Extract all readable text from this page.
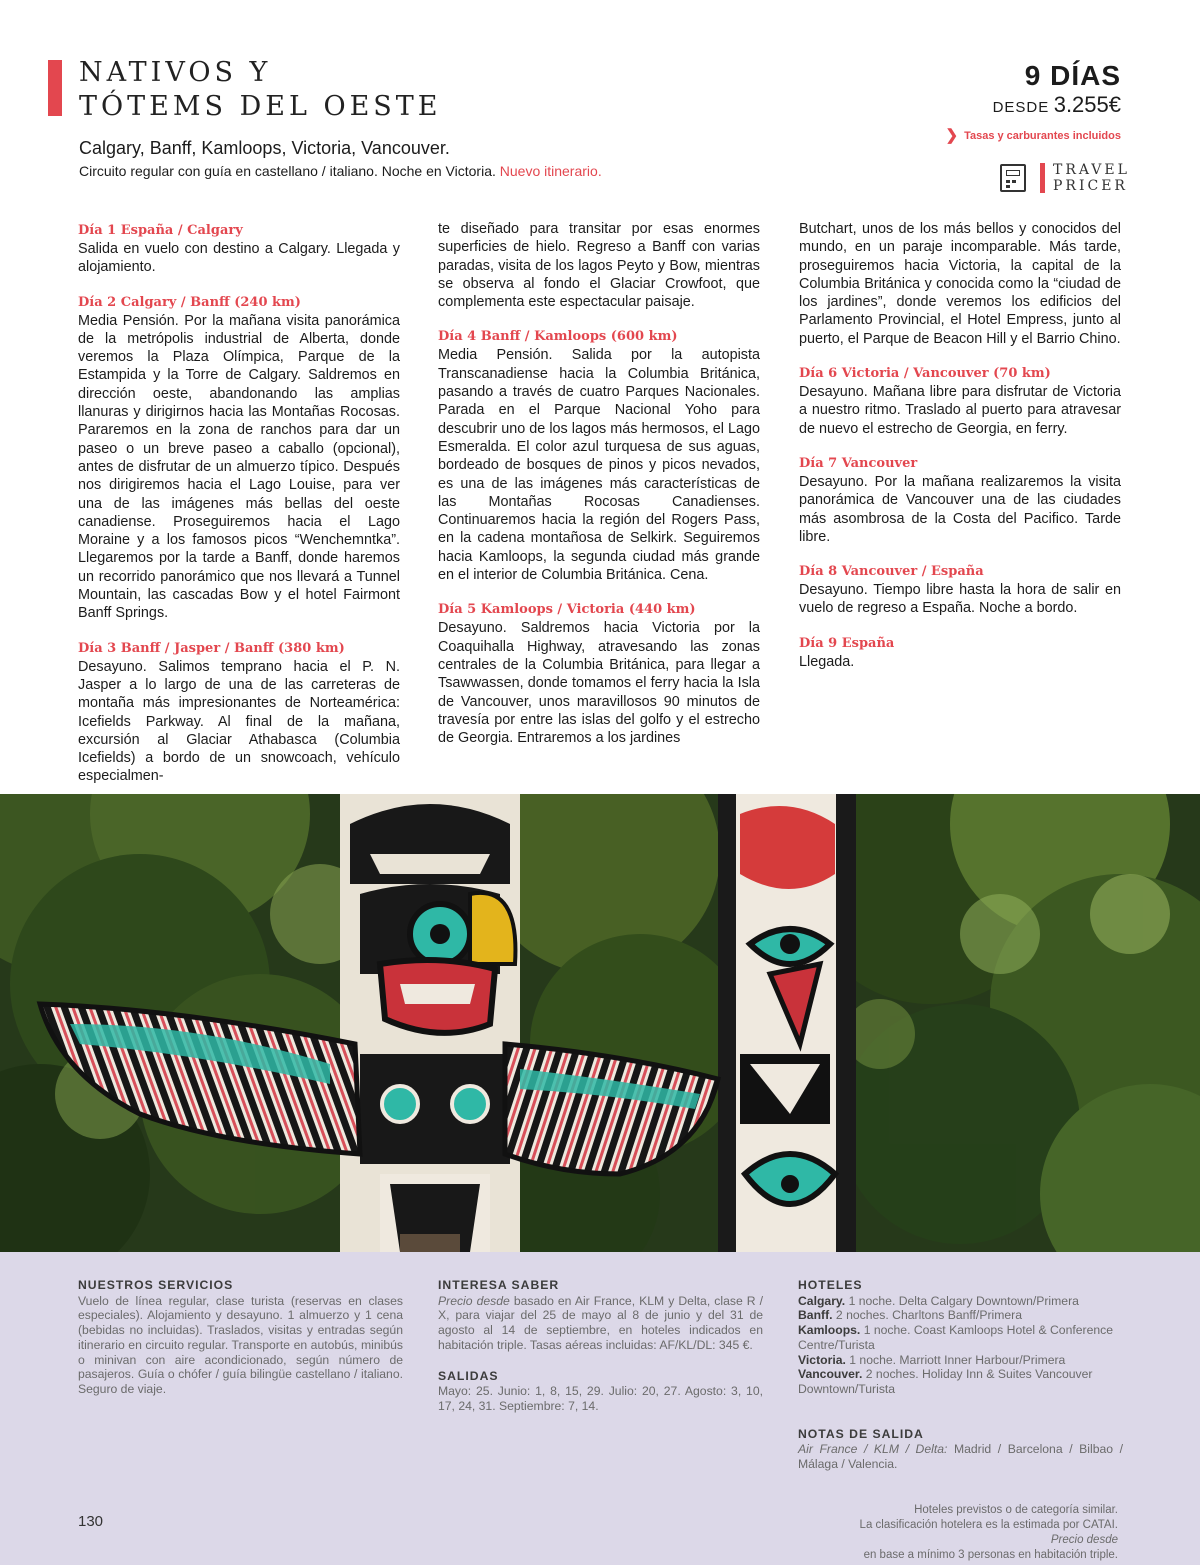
NATIVOS Y
TÓTEMS DEL OESTE
Calgary, Banff, Kamloops, Victoria, Vancouver.
Circuito regular con guía en castellano / italiano. Noche en Victoria. Nuevo itinerario.
9 DÍAS
DESDE 3.255€
❯ Tasas y carburantes incluidos
TRAVEL
PRICER
Día 1 España / Calgary

Salida en vuelo con destino a Calgary. Llegada y alojamiento.

Día 2 Calgary / Banff (240 km)

Media Pensión. Por la mañana visita panorámica de la metrópolis industrial de Alberta, donde veremos la Plaza Olímpica, Parque de la Estampida y la Torre de Calgary. Saldremos en dirección oeste, abandonando las amplias llanuras y dirigirnos hacia las Montañas Rocosas. Pararemos en la zona de ranchos para dar un paseo o un breve paseo a caballo (opcional), antes de disfrutar de un almuerzo típico. Después nos dirigiremos hacia el Lago Louise, para ver una de las imágenes más bellas del oeste canadiense. Proseguiremos hacia el Lago Moraine y a los famosos picos “Wenchemntka”. Llegaremos por la tarde a Banff, donde haremos un recorrido panorámico que nos llevará a Tunnel Mountain, las cascadas Bow y el hotel Fairmont Banff Springs.

Día 3 Banff / Jasper / Banff (380 km)

Desayuno. Salimos temprano hacia el P. N. Jasper a lo largo de una de las carreteras de montaña más impresionantes de Norteamérica: Icefields Parkway. Al final de la mañana, excursión al Glaciar Athabasca (Columbia Icefields) a bordo de un snowcoach, vehículo especialmen-

te diseñado para transitar por esas enormes superficies de hielo. Regreso a Banff con varias paradas, visita de los lagos Peyto y Bow, mientras se observa al fondo el Glaciar Crowfoot, que complementa este espectacular paisaje.

Día 4 Banff / Kamloops (600 km)

Media Pensión. Salida por la autopista Transcanadiense hacia la Columbia Británica, pasando a través de cuatro Parques Nacionales. Parada en el Parque Nacional Yoho para descubrir uno de los lagos más hermosos, el Lago Esmeralda. El color azul turquesa de sus aguas, bordeado de bosques de pinos y picos nevados, es una de las imágenes más características de las Montañas Rocosas Canadienses. Continuaremos hacia la región del Rogers Pass, en la cadena montañosa de Selkirk. Seguiremos hacia Kamloops, la segunda ciudad más grande en el interior de Columbia Británica. Cena.

Día 5 Kamloops / Victoria (440 km)

Desayuno. Saldremos hacia Victoria por la Coaquihalla Highway, atravesando las zonas centrales de la Columbia Británica, para llegar a Tsawwassen, donde tomamos el ferry hacia la Isla de Vancouver, unos maravillosos 90 minutos de travesía por entre las islas del golfo y el estrecho de Georgia. Entraremos a los jardines

Butchart, unos de los más bellos y conocidos del mundo, en un paraje incomparable. Más tarde, proseguiremos hacia Victoria, la capital de la Columbia Británica y conocida como la “ciudad de los jardines”, donde veremos los edificios del Parlamento Provincial, el Hotel Empress, junto al puerto, el Parque de Beacon Hill y el Barrio Chino.

Día 6 Victoria / Vancouver (70 km)

Desayuno. Mañana libre para disfrutar de Victoria a nuestro ritmo. Traslado al puerto para atravesar de nuevo el estrecho de Georgia, en ferry.

Día 7 Vancouver

Desayuno. Por la mañana realizaremos la visita panorámica de Vancouver una de las ciudades más asombrosa de la Costa del Pacifico. Tarde libre.

Día 8 Vancouver / España

Desayuno. Tiempo libre hasta la hora de salir en vuelo de regreso a España. Noche a bordo.

Día 9 España

Llegada.

NUESTROS SERVICIOS

Vuelo de línea regular, clase turista (reservas en clases especiales). Alojamiento y desayuno. 1 almuerzo y 1 cena (bebidas no incluidas). Traslados, visitas y entradas según itinerario en circuito regular. Transporte en autobús, minibús o minivan con aire acondicionado, según número de pasajeros. Guía o chófer / guía bilingüe castellano / italiano. Seguro de viaje.

INTERESA SABER

Precio desde basado en Air France, KLM y Delta, clase R / X, para viajar del 25 de mayo al 8 de junio y del 31 de agosto al 14 de septiembre, en hoteles indicados en habitación triple. Tasas aéreas incluidas: AF/KL/DL: 345 €.

SALIDAS

Mayo: 25. Junio: 1, 8, 15, 29. Julio: 20, 27. Agosto: 3, 10, 17, 24, 31. Septiembre: 7, 14.

HOTELES
Calgary. 1 noche. Delta Calgary Downtown/Primera
Banff. 2 noches. Charltons Banff/Primera
Kamloops. 1 noche. Coast Kamloops Hotel & Conference Centre/Turista
Victoria. 1 noche. Marriott Inner Harbour/Primera
Vancouver. 2 noches. Holiday Inn & Suites Vancouver Downtown/Turista
NOTAS DE SALIDA

Air France / KLM / Delta: Madrid / Barcelona / Bilbao / Málaga / Valencia.

130
Hoteles previstos o de categoría similar.
La clasificación hotelera es la estimada por CATAI.
Precio desde
en base a mínimo 3 personas en habitación triple.
